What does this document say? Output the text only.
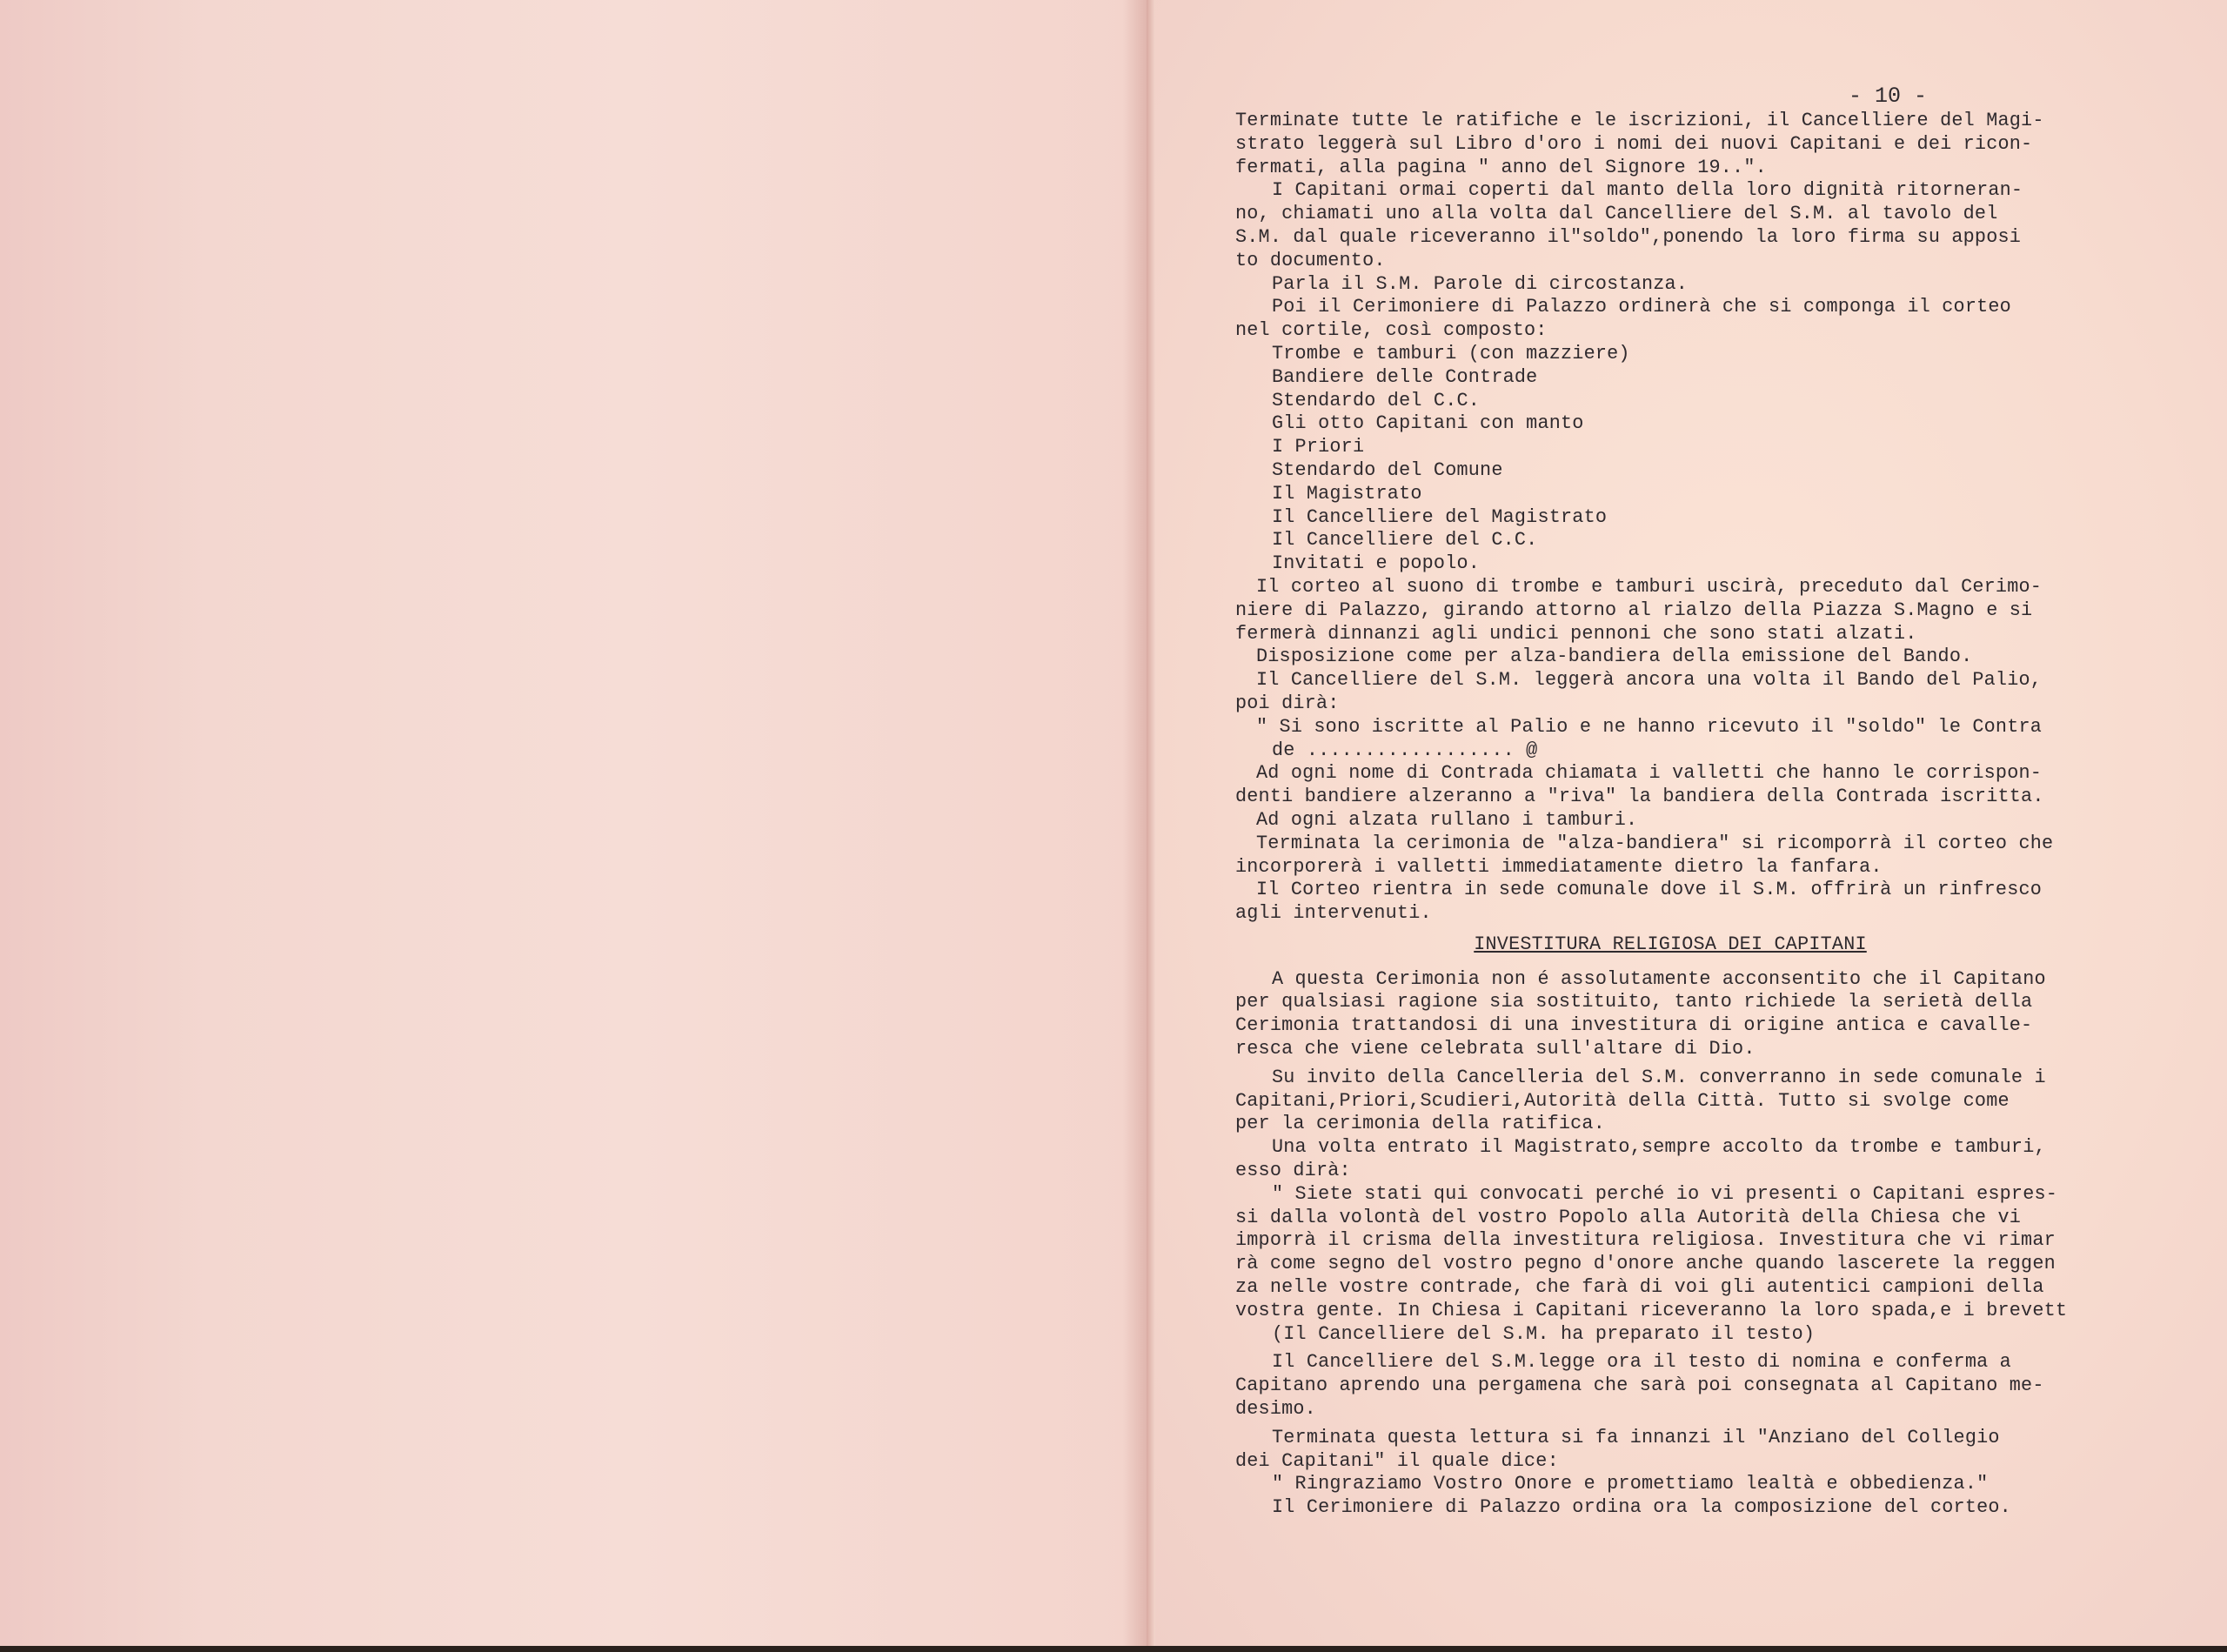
- 10 -

Terminate tutte le ratifiche e le iscrizioni, il Cancelliere del Magi-

strato leggerà sul Libro d'oro i nomi dei nuovi Capitani e dei ricon-

fermati, alla pagina " anno del Signore 19..".

I Capitani ormai coperti dal manto della loro dignità ritorneran-

no, chiamati uno alla volta dal Cancelliere del S.M. al tavolo del

S.M. dal quale riceveranno il"soldo",ponendo la loro firma su apposi

to documento.

Parla il S.M. Parole di circostanza.

Poi il Cerimoniere di Palazzo ordinerà che si componga il corteo

nel cortile, così composto:

Trombe e tamburi (con mazziere)

Bandiere delle Contrade

Stendardo del C.C.

Gli otto Capitani con manto

I Priori

Stendardo del Comune

Il Magistrato

Il Cancelliere del Magistrato

Il Cancelliere del C.C.

Invitati e popolo.

Il corteo al suono di trombe e tamburi uscirà, preceduto dal Cerimo-

niere di Palazzo, girando attorno al rialzo della Piazza S.Magno e si

fermerà dinnanzi agli undici pennoni che sono stati alzati.

Disposizione come per alza-bandiera della emissione del Bando.

Il Cancelliere del S.M. leggerà ancora una volta il Bando del Palio,

poi dirà:

" Si sono iscritte al Palio e ne hanno ricevuto il "soldo" le Contra

de .................. @

Ad ogni nome di Contrada chiamata i valletti che hanno le corrispon-

denti bandiere alzeranno a "riva" la bandiera della Contrada iscritta.

Ad ogni alzata rullano i tamburi.

Terminata la cerimonia de "alza-bandiera" si ricomporrà il corteo che

incorporerà i valletti immediatamente dietro la fanfara.

Il Corteo rientra in sede comunale dove il S.M. offrirà un rinfresco

agli intervenuti.

INVESTITURA RELIGIOSA DEI CAPITANI

A questa Cerimonia non é assolutamente acconsentito che il Capitano

per qualsiasi ragione sia sostituito, tanto richiede la serietà della

Cerimonia trattandosi di una investitura di origine antica e cavalle-

resca che viene celebrata sull'altare di Dio.

Su invito della Cancelleria del S.M. converranno in sede comunale i

Capitani,Priori,Scudieri,Autorità della Città. Tutto si svolge come

per la cerimonia della ratifica.

Una volta entrato il Magistrato,sempre accolto da trombe e tamburi,

esso dirà:

" Siete stati qui convocati perché io vi presenti o Capitani espres-

si dalla volontà del vostro Popolo alla Autorità della Chiesa che vi

imporrà il crisma della investitura religiosa. Investitura che vi rimar

rà come segno del vostro pegno d'onore anche quando lascerete la reggen

za nelle vostre contrade, che farà di voi gli autentici campioni della

vostra gente. In Chiesa i Capitani riceveranno la loro spada,e i brevett

(Il Cancelliere del S.M. ha preparato il testo)

Il Cancelliere del S.M.legge ora il testo di nomina e conferma a

Capitano aprendo una pergamena che sarà poi consegnata al Capitano me-

desimo.

Terminata questa lettura si fa innanzi il "Anziano del Collegio

dei Capitani" il quale dice:

" Ringraziamo Vostro Onore e promettiamo lealtà e obbedienza."

Il Cerimoniere di Palazzo ordina ora la composizione del corteo.
